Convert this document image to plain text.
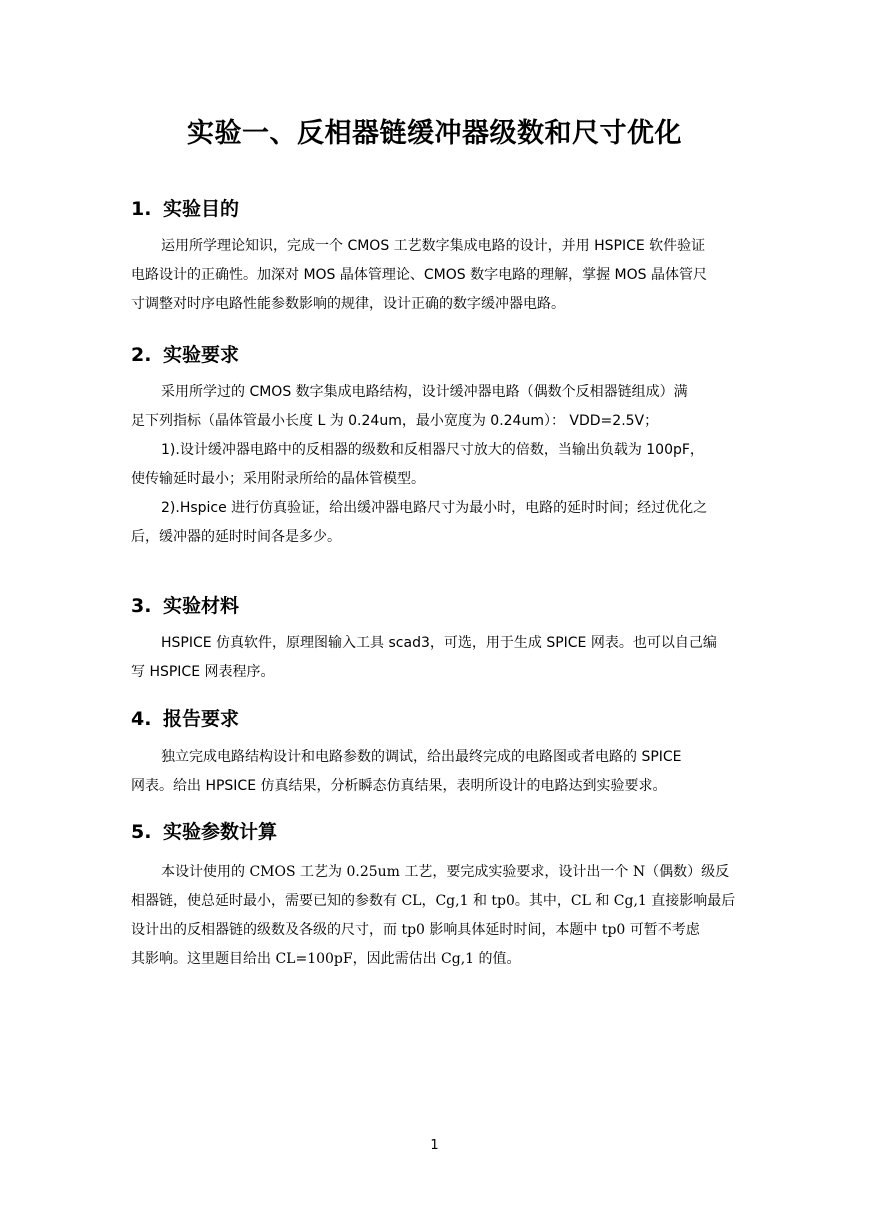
实验一、反相器链缓冲器级数和尺寸优化
1. 实验目的
运用所学理论知识，完成一个 CMOS 工艺数字集成电路的设计，并用 HSPICE 软件验证
电路设计的正确性。加深对 MOS 晶体管理论、CMOS 数字电路的理解，掌握 MOS 晶体管尺
寸调整对时序电路性能参数影响的规律，设计正确的数字缓冲器电路。
2. 实验要求
采用所学过的 CMOS 数字集成电路结构，设计缓冲器电路（偶数个反相器链组成）满
足下列指标（晶体管最小长度 L 为 0.24um，最小宽度为 0.24um）： VDD=2.5V；
1).设计缓冲器电路中的反相器的级数和反相器尺寸放大的倍数，当输出负载为 100pF，
使传输延时最小；采用附录所给的晶体管模型。
2).Hspice 进行仿真验证，给出缓冲器电路尺寸为最小时，电路的延时时间；经过优化之
后，缓冲器的延时时间各是多少。
3. 实验材料
HSPICE 仿真软件，原理图输入工具 scad3，可选，用于生成 SPICE 网表。也可以自己编
写 HSPICE 网表程序。
4. 报告要求
独立完成电路结构设计和电路参数的调试，给出最终完成的电路图或者电路的 SPICE
网表。给出 HPSICE 仿真结果，分析瞬态仿真结果，表明所设计的电路达到实验要求。
5. 实验参数计算
本设计使用的 CMOS 工艺为 0.25um 工艺，要完成实验要求，设计出一个 N（偶数）级反
相器链，使总延时最小，需要已知的参数有 CL，Cg,1 和 tp0。其中，CL 和 Cg,1 直接影响最后
设计出的反相器链的级数及各级的尺寸，而 tp0 影响具体延时时间，本题中 tp0 可暂不考虑
其影响。这里题目给出 CL=100pF，因此需估出 Cg,1 的值。
1
